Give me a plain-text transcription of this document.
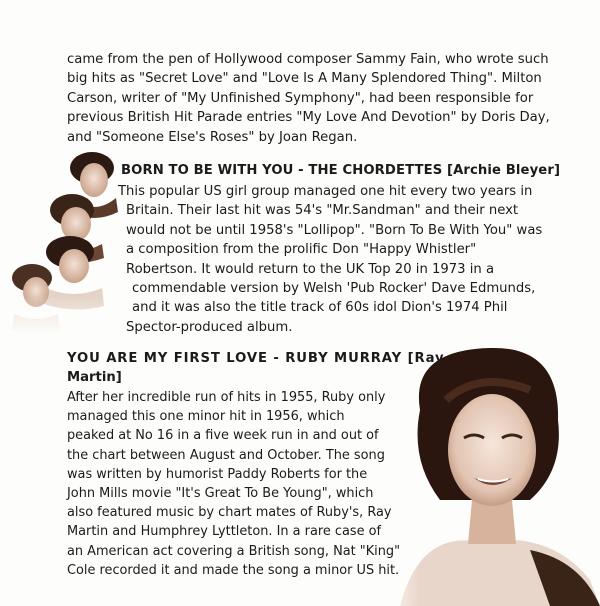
came from the pen of Hollywood composer Sammy Fain, who wrote such
big hits as "Secret Love" and "Love Is A Many Splendored Thing". Milton
Carson, writer of "My Unfinished Symphony", had been responsible for
previous British Hit Parade entries "My Love And Devotion" by Doris Day,
and "Someone Else's Roses" by Joan Regan.

BORN TO BE WITH YOU - THE CHORDETTES [Archie Bleyer]

This popular US girl group managed one hit every two years in
Britain. Their last hit was 54's "Mr.Sandman" and their next
would not be until 1958's "Lollipop". "Born To Be With You" was
a composition from the prolific Don "Happy Whistler"
Robertson. It would return to the UK Top 20 in 1973 in a
commendable version by Welsh 'Pub Rocker' Dave Edmunds,
and it was also the title track of 60s idol Dion's 1974 Phil
Spector-produced album.

YOU ARE MY FIRST LOVE - RUBY MURRAY [Ray
Martin]

After her incredible run of hits in 1955, Ruby only
managed this one minor hit in 1956, which
peaked at No 16 in a five week run in and out of
the chart between August and October. The song
was written by humorist Paddy Roberts for the
John Mills movie "It's Great To Be Young", which
also featured music by chart mates of Ruby's, Ray
Martin and Humphrey Lyttleton. In a rare case of
an American act covering a British song, Nat "King"
Cole recorded it and made the song a minor US hit.
